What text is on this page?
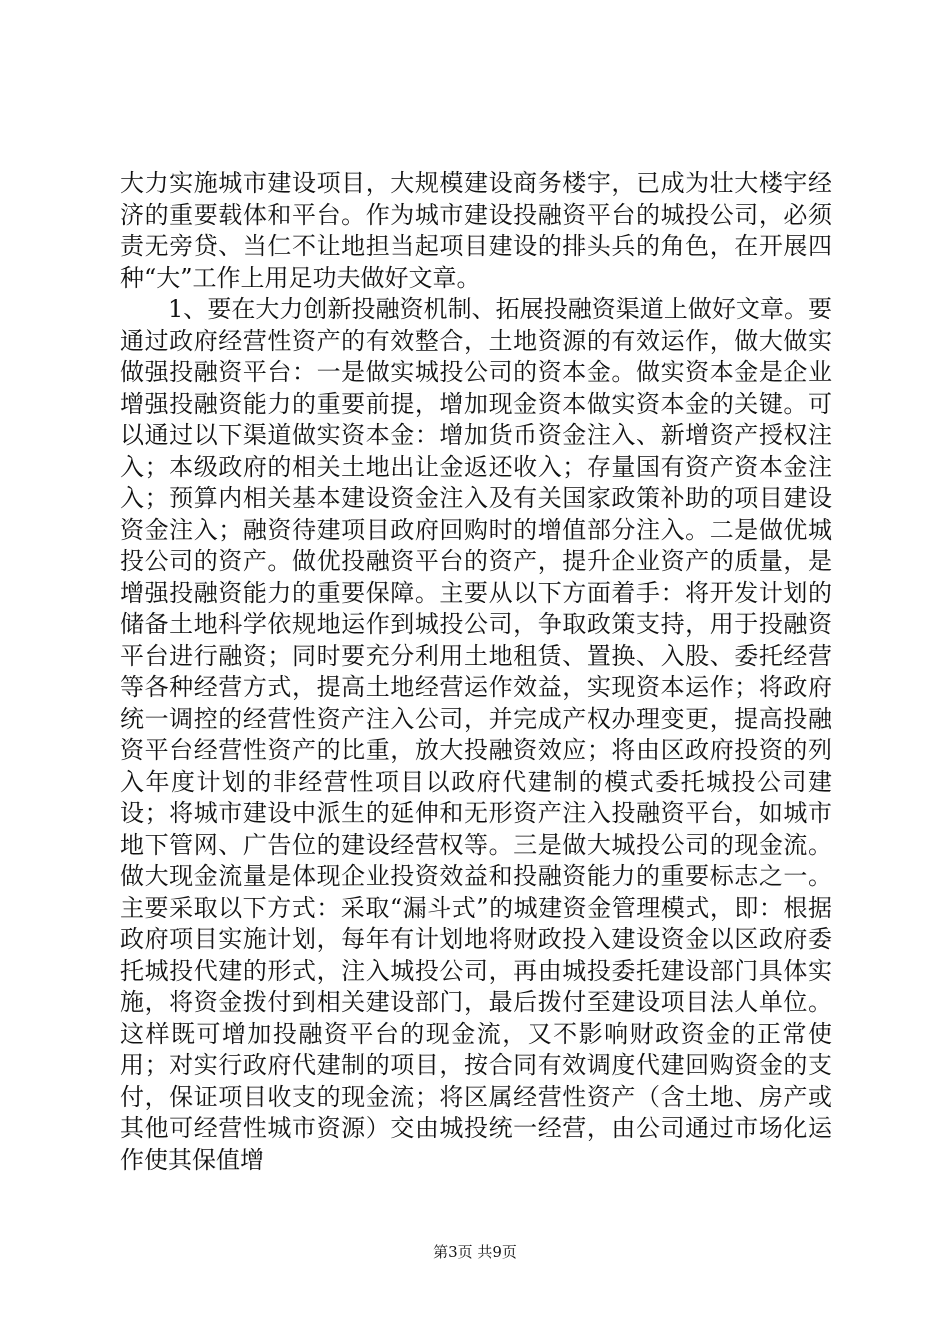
大力实施城市建设项目，大规模建设商务楼宇，已成为壮大楼宇经济的重要载体和平台。作为城市建设投融资平台的城投公司，必须责无旁贷、当仁不让地担当起项目建设的排头兵的角色，在开展四种“大”工作上用足功夫做好文章。

1、要在大力创新投融资机制、拓展投融资渠道上做好文章。要通过政府经营性资产的有效整合，土地资源的有效运作，做大做实做强投融资平台：一是做实城投公司的资本金。做实资本金是企业增强投融资能力的重要前提，增加现金资本做实资本金的关键。可以通过以下渠道做实资本金：增加货币资金注入、新增资产授权注入；本级政府的相关土地出让金返还收入；存量国有资产资本金注入；预算内相关基本建设资金注入及有关国家政策补助的项目建设资金注入；融资待建项目政府回购时的增值部分注入。二是做优城投公司的资产。做优投融资平台的资产，提升企业资产的质量，是增强投融资能力的重要保障。主要从以下方面着手：将开发计划的储备土地科学依规地运作到城投公司，争取政策支持，用于投融资平台进行融资；同时要充分利用土地租赁、置换、入股、委托经营等各种经营方式，提高土地经营运作效益，实现资本运作；将政府统一调控的经营性资产注入公司，并完成产权办理变更，提高投融资平台经营性资产的比重，放大投融资效应；将由区政府投资的列入年度计划的非经营性项目以政府代建制的模式委托城投公司建设；将城市建设中派生的延伸和无形资产注入投融资平台，如城市地下管网、广告位的建设经营权等。三是做大城投公司的现金流。做大现金流量是体现企业投资效益和投融资能力的重要标志之一。主要采取以下方式：采取“漏斗式”的城建资金管理模式，即：根据政府项目实施计划，每年有计划地将财政投入建设资金以区政府委托城投代建的形式，注入城投公司，再由城投委托建设部门具体实施，将资金拨付到相关建设部门，最后拨付至建设项目法人单位。这样既可增加投融资平台的现金流，又不影响财政资金的正常使用；对实行政府代建制的项目，按合同有效调度代建回购资金的支付，保证项目收支的现金流；将区属经营性资产（含土地、房产或其他可经营性城市资源）交由城投统一经营，由公司通过市场化运作使其保值增

第3页 共9页
